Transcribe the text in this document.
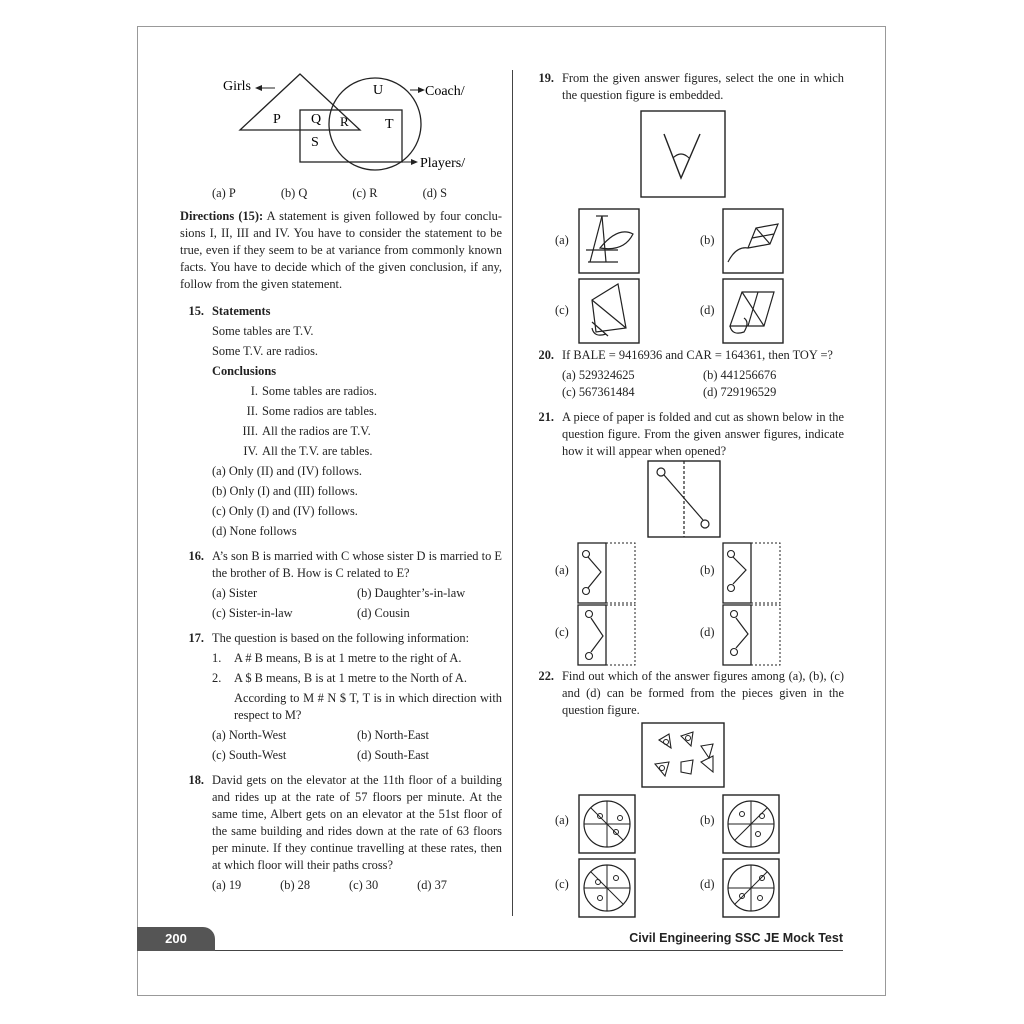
Girls	Coach/
Players/
P Q R
S
T
U
(a) P	(b) Q	(c) R	(d) S
Directions (15): A statement is given followed by four conclu-sions I, II, III and IV. You have to consider the statement to be true, even if they seem to be at variance from commonly known facts. You have to decide which of the given conclusion, if any, follow from the given statement.
15. Statements
Some tables are T.V.
Some T.V. are radios.
Conclusions
I. Some tables are radios.
II. Some radios are tables.
III. All the radios are T.V.
IV. All the T.V. are tables.
(a) Only (II) and (IV) follows.
(b) Only (I) and (III) follows.
(c) Only (I) and (IV) follows.
(d) None follows
16. A’s son B is married with C whose sister D is married to E the brother of B. How is C related to E?
(a) Sister	(b) Daughter’s-in-law
(c) Sister-in-law	(d) Cousin
17. The question is based on the following information:
1.	A # B means, B is at 1 metre to the right of A.
2.	A $ B means, B is at 1 metre to the North of A.
According to M # N $ T, T is in which direction with respect to M?
(a) North-West	(b) North-East
(c) South-West	(d) South-East
18. David gets on the elevator at the 11th floor of a building and rides up at the rate of 57 floors per minute. At the same time, Albert gets on an elevator at the 51st floor of the same building and rides down at the rate of 63 floors per minute. If they continue travelling at these rates, then at which floor will their paths cross?
(a) 19	(b) 28	(c) 30	(d) 37
19. From the given answer figures, select the one in which the question figure is embedded.
(a)	(b)
(c)	(d)
20. If BALE = 9416936 and CAR = 164361, then TOY =?
(a) 529324625	(b) 441256676
(c) 567361484	(d) 729196529
21. A piece of paper is folded and cut as shown below in the question figure. From the given answer figures, indicate how it will appear when opened?
(a)	(b)
(c)	(d)
22. Find out which of the answer figures among (a), (b), (c) and (d) can be formed from the pieces given in the question figure.
(a)	(b)
(c)	(d)
200	Civil Engineering SSC JE Mock Test
